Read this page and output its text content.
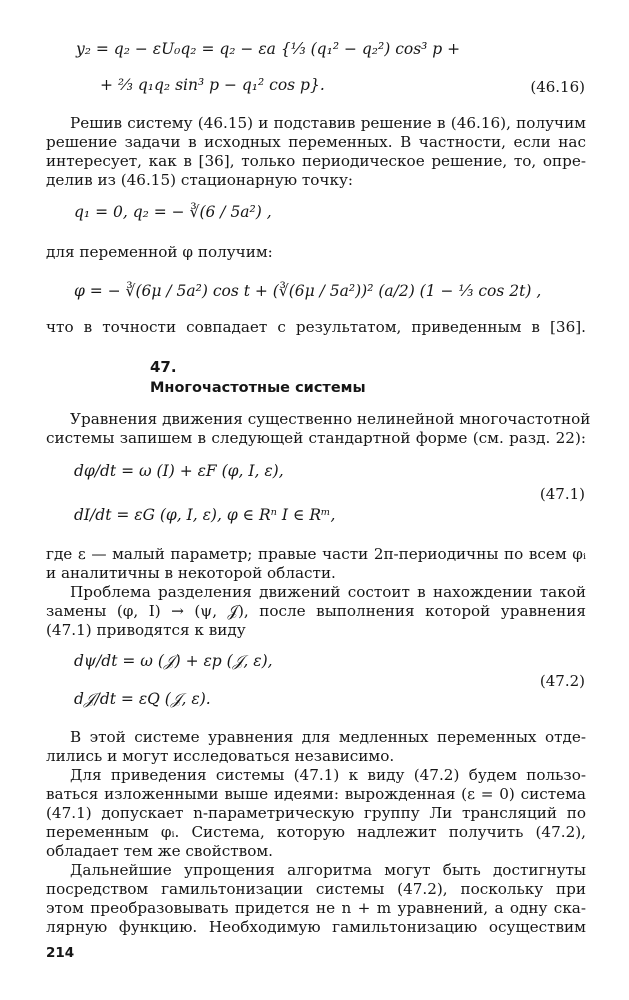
y₂ = q₂ − εU₀q₂ = q₂ − εa {⅓ (q₁² − q₂²) cos³ p +
+ ⅔ q₁q₂ sin³ p − q₁² cos p}.	(46.16)
Решив систему (46.15) и подставив решение в (46.16), получим
решение задачи в исходных переменных. В частности, если нас
интересует, как в [36], только периодическое решение, то, опре-
делив из (46.15) стационарную точку:
q₁ = 0, q₂ = − ∛(6 / 5a²) ,
для переменной φ получим:
φ = − ∛(6μ / 5a²) cos t + (∛(6μ / 5a²))² (a/2) (1 − ⅓ cos 2t) ,
что в точности совпадает с результатом, приведенным в [36].
47.
Многочастотные системы
Уравнения движения существенно нелинейной многочастотной
системы запишем в следующей стандартной форме (см. разд. 22):
dφ/dt = ω (I) + εF (φ, I, ε),
dI/dt = εG (φ, I, ε), φ ∈ Rⁿ I ∈ Rᵐ,
(47.1)
где ε — малый параметр; правые части 2π-периодичны по всем φᵢ
и аналитичны в некоторой области.
Проблема разделения движений состоит в нахождении такой
замены (φ, I) → (ψ, 𝒥), после выполнения которой уравнения
(47.1) приводятся к виду
dψ/dt = ω (𝒥) + εp (𝒥, ε),
d𝒥/dt = εQ (𝒥, ε).
(47.2)
В этой системе уравнения для медленных переменных отде-
лились и могут исследоваться независимо.
Для приведения системы (47.1) к виду (47.2) будем пользо-
ваться изложенными выше идеями: вырожденная (ε = 0) система
(47.1) допускает n-параметрическую группу Ли трансляций по
переменным φᵢ. Система, которую надлежит получить (47.2),
обладает тем же свойством.
Дальнейшие упрощения алгоритма могут быть достигнуты
посредством гамильтонизации системы (47.2), поскольку при
этом преобразовывать придется не n + m уравнений, а одну ска-
лярную функцию. Необходимую гамильтонизацию осуществим
214
